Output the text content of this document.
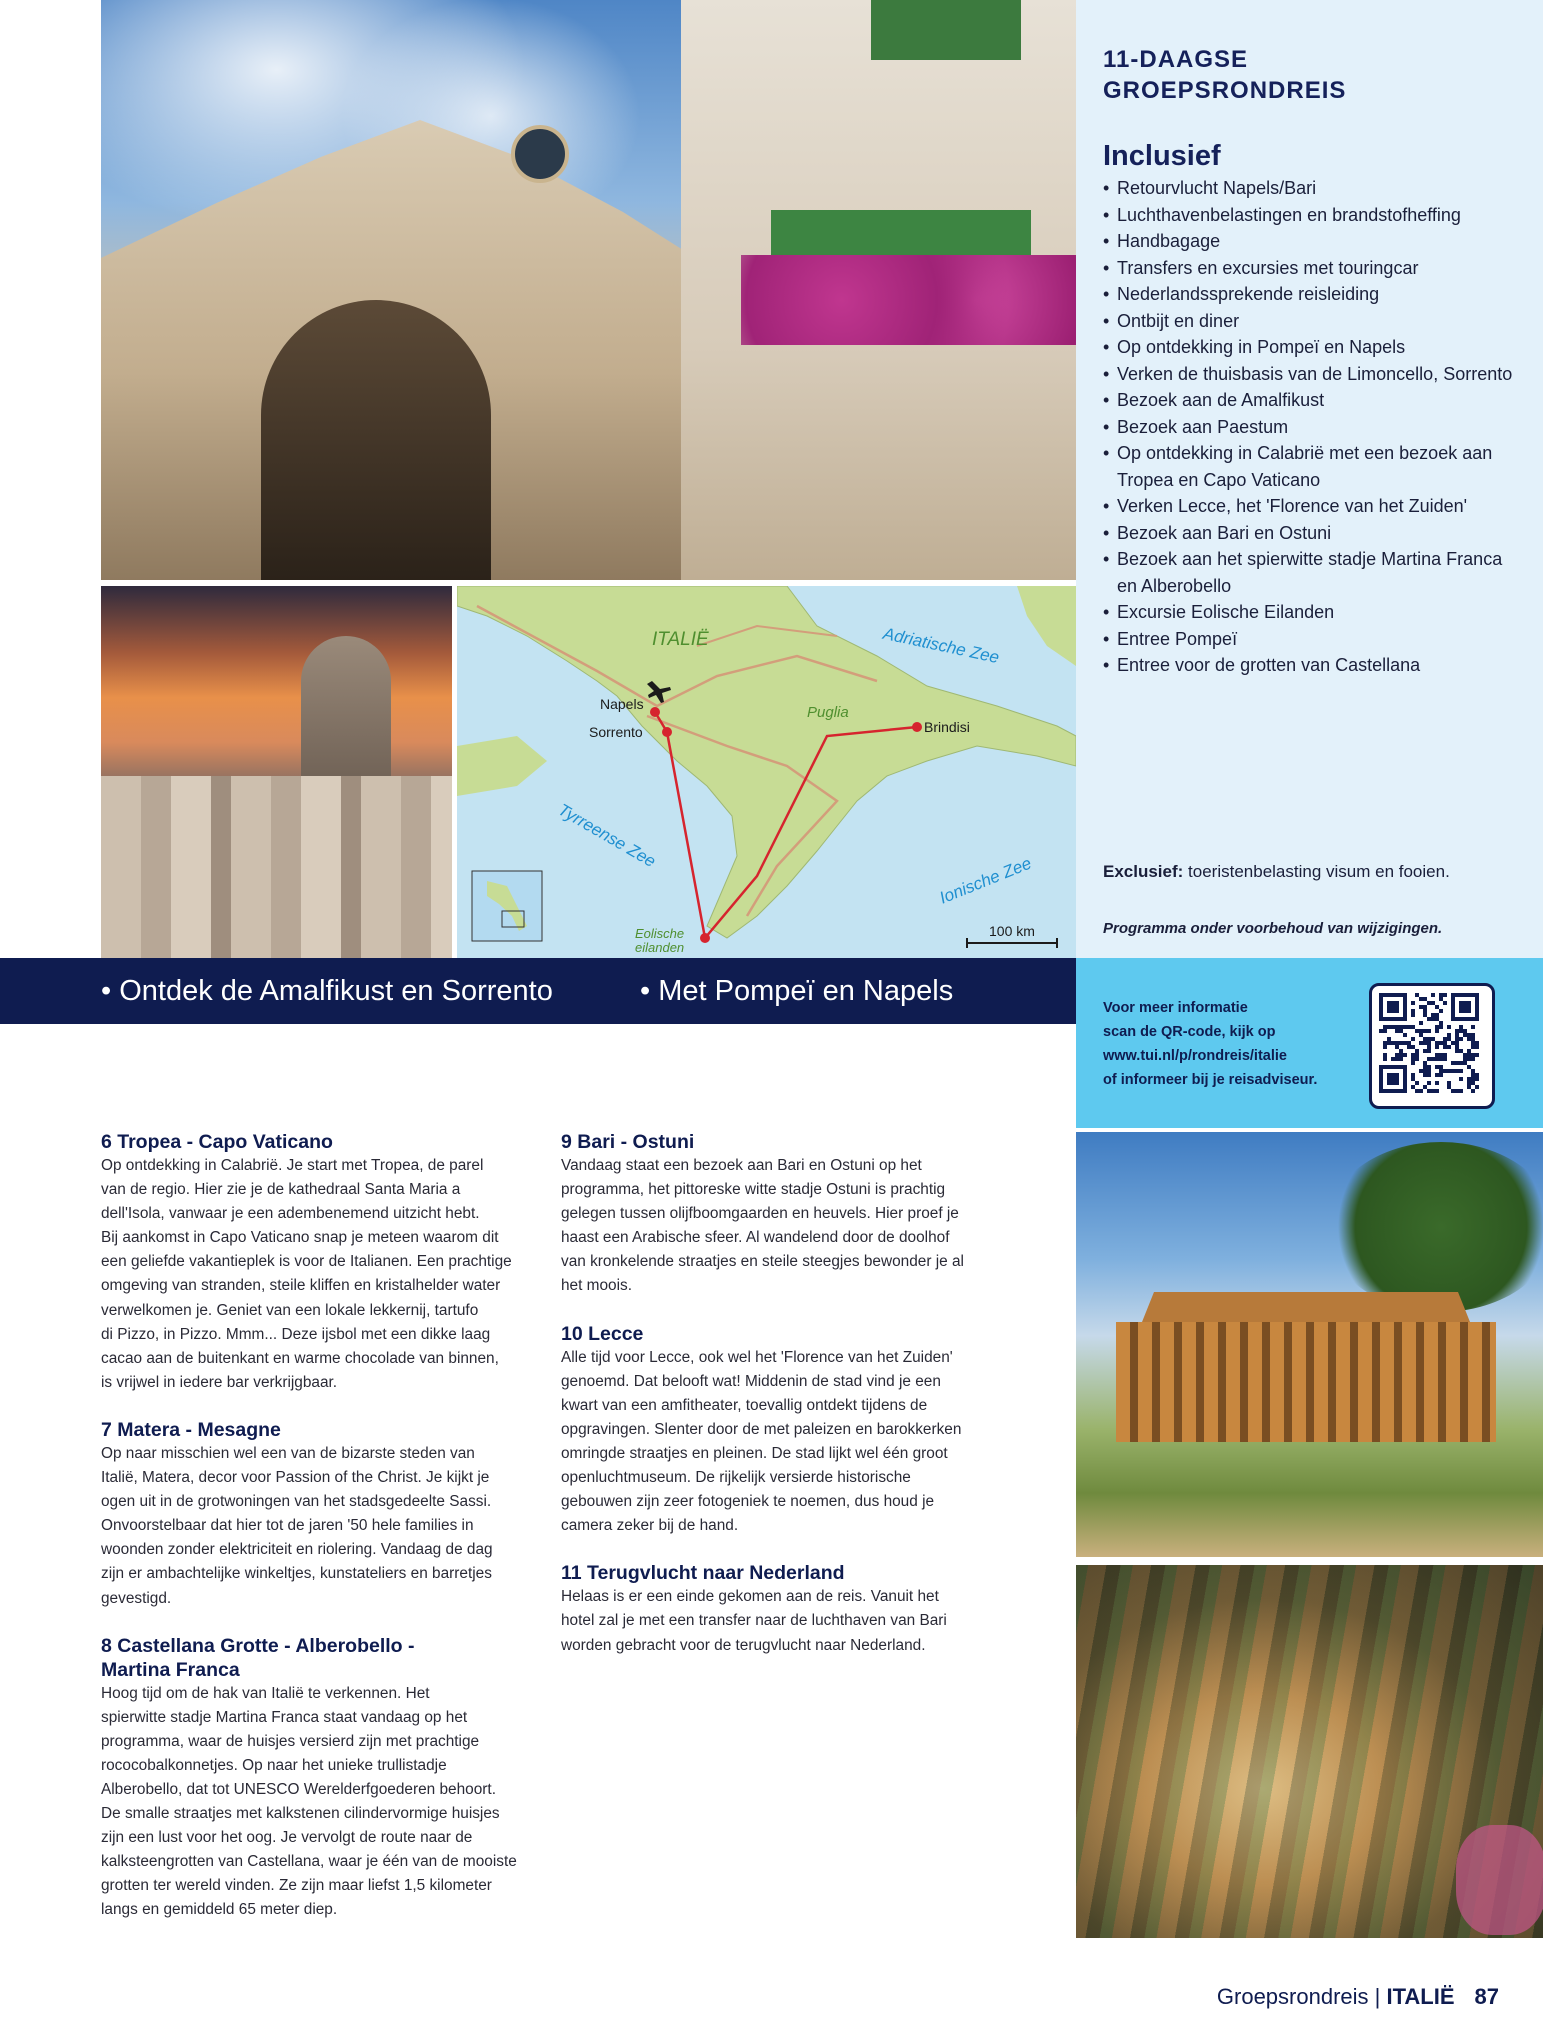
ITALIË
Puglia
Adriatische Zee
Tyrreense Zee
Ionische Zee
Napels
Sorrento	Brindisi
Eolische
eilanden
100 km
11-DAAGSE
GROEPSRONDREIS
Inclusief
• Retourvlucht Napels/Bari
• Luchthavenbelastingen en brandstofheffing
• Handbagage
• Transfers en excursies met touringcar
• Nederlandssprekende reisleiding
• Ontbijt en diner
• Op ontdekking in Pompeï en Napels
• Verken de thuisbasis van de Limoncello, Sorrento
• Bezoek aan de Amalfikust
• Bezoek aan Paestum
• Op ontdekking in Calabrië met een bezoek aan Tropea en Capo Vaticano
• Verken Lecce, het 'Florence van het Zuiden'
• Bezoek aan Bari en Ostuni
• Bezoek aan het spierwitte stadje Martina Franca en Alberobello
• Excursie Eolische Eilanden
• Entree Pompeï
• Entree voor de grotten van Castellana
Exclusief: toeristenbelasting visum en fooien.
Programma onder voorbehoud van wijzigingen.
• Ontdek de Amalfikust en Sorrento	• Met Pompeï en Napels
Voor meer informatie
scan de QR-code, kijk op
www.tui.nl/p/rondreis/italie
of informeer bij je reisadviseur.
6 Tropea - Capo Vaticano
Op ontdekking in Calabrië. Je start met Tropea, de parel
van de regio. Hier zie je de kathedraal Santa Maria a
dell'Isola, vanwaar je een adembenemend uitzicht hebt.
Bij aankomst in Capo Vaticano snap je meteen waarom dit
een geliefde vakantieplek is voor de Italianen. Een prachtige
omgeving van stranden, steile kliffen en kristalhelder water
verwelkomen je. Geniet van een lokale lekkernij, tartufo
di Pizzo, in Pizzo. Mmm... Deze ijsbol met een dikke laag
cacao aan de buitenkant en warme chocolade van binnen,
is vrijwel in iedere bar verkrijgbaar.
7 Matera - Mesagne
Op naar misschien wel een van de bizarste steden van
Italië, Matera, decor voor Passion of the Christ. Je kijkt je
ogen uit in de grotwoningen van het stadsgedeelte Sassi.
Onvoorstelbaar dat hier tot de jaren '50 hele families in
woonden zonder elektriciteit en riolering. Vandaag de dag
zijn er ambachtelijke winkeltjes, kunstateliers en barretjes
gevestigd.
8 Castellana Grotte - Alberobello -
Martina Franca
Hoog tijd om de hak van Italië te verkennen. Het
spierwitte stadje Martina Franca staat vandaag op het
programma, waar de huisjes versierd zijn met prachtige
rococobalkonnetjes. Op naar het unieke trullistadje
Alberobello, dat tot UNESCO Werelderfgoederen behoort.
De smalle straatjes met kalkstenen cilindervormige huisjes
zijn een lust voor het oog. Je vervolgt de route naar de
kalksteengrotten van Castellana, waar je één van de mooiste
grotten ter wereld vinden. Ze zijn maar liefst 1,5 kilometer
langs en gemiddeld 65 meter diep.
9 Bari - Ostuni
Vandaag staat een bezoek aan Bari en Ostuni op het
programma, het pittoreske witte stadje Ostuni is prachtig
gelegen tussen olijfboomgaarden en heuvels. Hier proef je
haast een Arabische sfeer. Al wandelend door de doolhof
van kronkelende straatjes en steile steegjes bewonder je al
het moois.
10 Lecce
Alle tijd voor Lecce, ook wel het 'Florence van het Zuiden'
genoemd. Dat belooft wat! Middenin de stad vind je een
kwart van een amfitheater, toevallig ontdekt tijdens de
opgravingen. Slenter door de met paleizen en barokkerken
omringde straatjes en pleinen. De stad lijkt wel één groot
openluchtmuseum. De rijkelijk versierde historische
gebouwen zijn zeer fotogeniek te noemen, dus houd je
camera zeker bij de hand.
11 Terugvlucht naar Nederland
Helaas is er een einde gekomen aan de reis. Vanuit het
hotel zal je met een transfer naar de luchthaven van Bari
worden gebracht voor de terugvlucht naar Nederland.
Groepsrondreis | ITALIË 87
